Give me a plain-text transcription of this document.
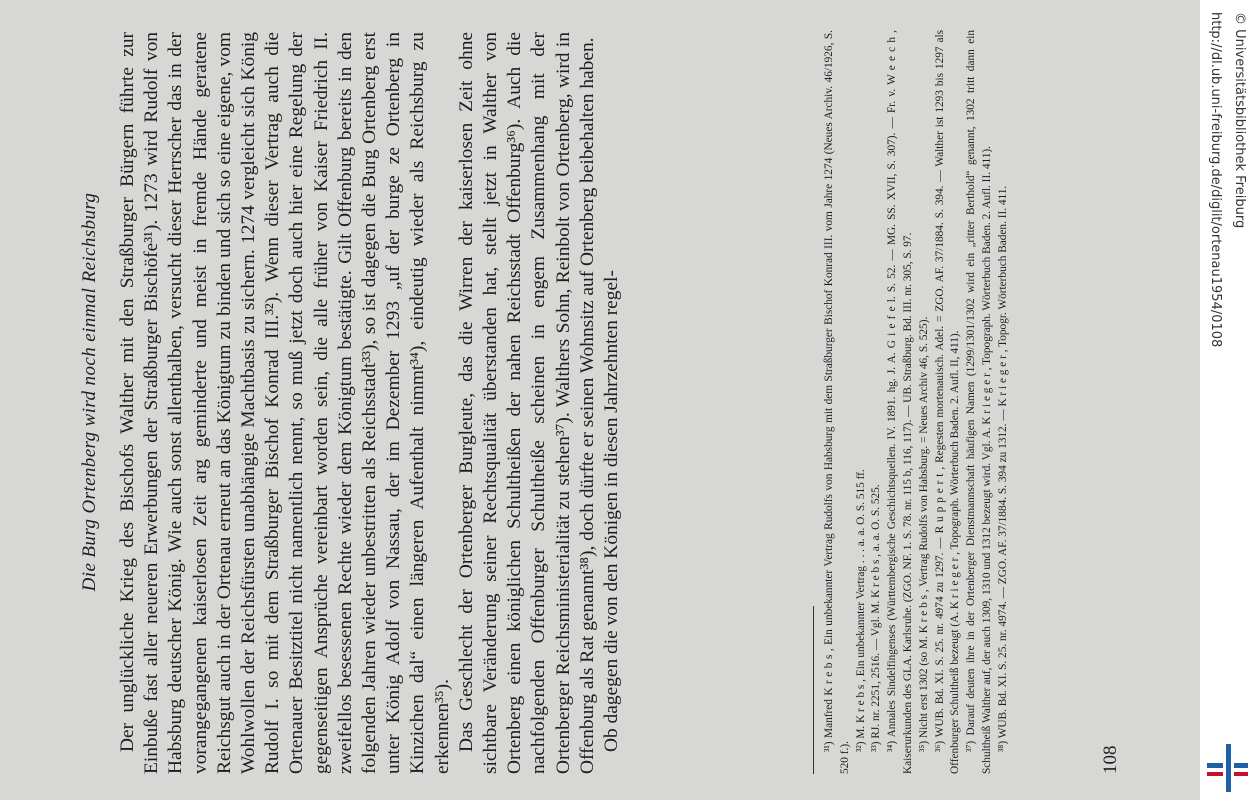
Die Burg Ortenberg wird noch einmal Reichsburg Der unglückliche Krieg des Bischofs Walther mit den Straßburger Bürgern führte zur Einbuße fast aller neueren Erwerbungen der Straßburger Bischöfe³¹). 1273 wird Rudolf von Habsburg deutscher König. Wie auch sonst allenthalben, versucht dieser Herrscher das in der vorangegangenen kaiserlosen Zeit arg geminderte und meist in fremde Hände geratene Reichsgut auch in der Ortenau erneut an das Königtum zu binden und sich so eine eigene, vom Wohlwollen der Reichsfürsten unabhängige Machtbasis zu sichern. 1274 vergleicht sich König Rudolf I. so mit dem Straßburger Bischof Konrad III.³²). Wenn dieser Vertrag auch die Ortenauer Besitztitel nicht namentlich nennt, so muß jetzt doch auch hier eine Regelung der gegenseitigen Ansprüche vereinbart worden sein, die alle früher von Kaiser Friedrich II. zweifellos besessenen Rechte wieder dem Königtum bestätigte. Gilt Offenburg bereits in den folgenden Jahren wieder unbestritten als Reichsstadt³³), so ist dagegen die Burg Ortenberg erst unter König Adolf von Nassau, der im Dezember 1293 „uf der burge ze Ortenberg in Kinzichen dal“ einen längeren Aufenthalt nimmt³⁴), eindeutig wieder als Reichsburg zu erkennen³⁵). Das Geschlecht der Ortenberger Burgleute, das die Wirren der kaiserlosen Zeit ohne sichtbare Veränderung seiner Rechtsqualität überstanden hat, stellt jetzt in Walther von Ortenberg einen königlichen Schultheißen der nahen Reichsstadt Offenburg³⁶). Auch die nachfolgenden Offenburger Schultheiße scheinen in engem Zusammenhang mit der Ortenberger Reichsministerialität zu stehen³⁷). Walthers Sohn, Reinbolt von Ortenberg, wird in Offenburg als Rat genannt³⁸), doch dürfte er seinen Wohnsitz auf Ortenberg beibehalten haben. Ob dagegen die von den Königen in diesen Jahrzehnten regel-	³¹) Manfred K r e b s , Ein unbekannter Vertrag Rudolfs von Habsburg mit dem Straßburger Bischof Konrad III. vom Jahre 1274 (Neues Archiv. 46/1926, S. 520 f.).

³²) M. K r e b s , Ein unbekannter Vertrag . . . a. a. O. S. 515 ff. ³³) RJ. nr. 2251, 2516. — Vgl. M. K r e b s , a. a. O. S. 525. ³⁴) Annales Sindelfingenses (Württembergische Geschichtsquellen. IV. 1891. hg. J. A. G i e f e l. S. 52. — MG. SS. XVII, S. 307). — Fr. v. W e e c h , Kaiserurkunden des GLA. Karlsruhe. (ZGO. NF. 1. S. 78. nr. 115 b, 116, 117). — UB. Straßburg. Bd. III. nr. 305, S. 97. ³⁵) Nicht erst 1302 (so M. K r e b s , Vertrag Rudolfs von Habsburg. = Neues Archiv 46, S. 525). ³⁶) WUB. Bd. XI. S. 25. nr. 4974 zu 1297. — R u p p e r t , Regesten mortenauisch. Adel. = ZGO. AF. 37/1884. S. 394. — Walther ist 1293 bis 1297 als Offenburger Schultheiß bezeugt (A. K r i e g e r , Topograph. Wörterbuch Baden. 2. Aufl. II, 411). ³⁷) Darauf deuten ihre in der Ortenberger Dienstmannschaft häufigen Namen (1299/1301/1302 wird ein „ritter Berthold“ genannt, 1302 tritt dann ein Schultheiß Walther auf, der auch 1309, 1310 und 1312 bezeugt wird. Vgl. A. K r i e g e r , Topograph. Wörterbuch Baden. 2. Aufl. II. 411). ³⁸) WUB. Bd. XI. S. 25. nr. 4974. — ZGO. AF. 37/1884. S. 394 zu 1312. — K r i e g e r , Topogr. Wörterbuch Baden. II. 411.

108
http://dl.ub.uni-freiburg.de/diglit/ortenau1954/0108 © Universitätsbibliothek Freiburg
